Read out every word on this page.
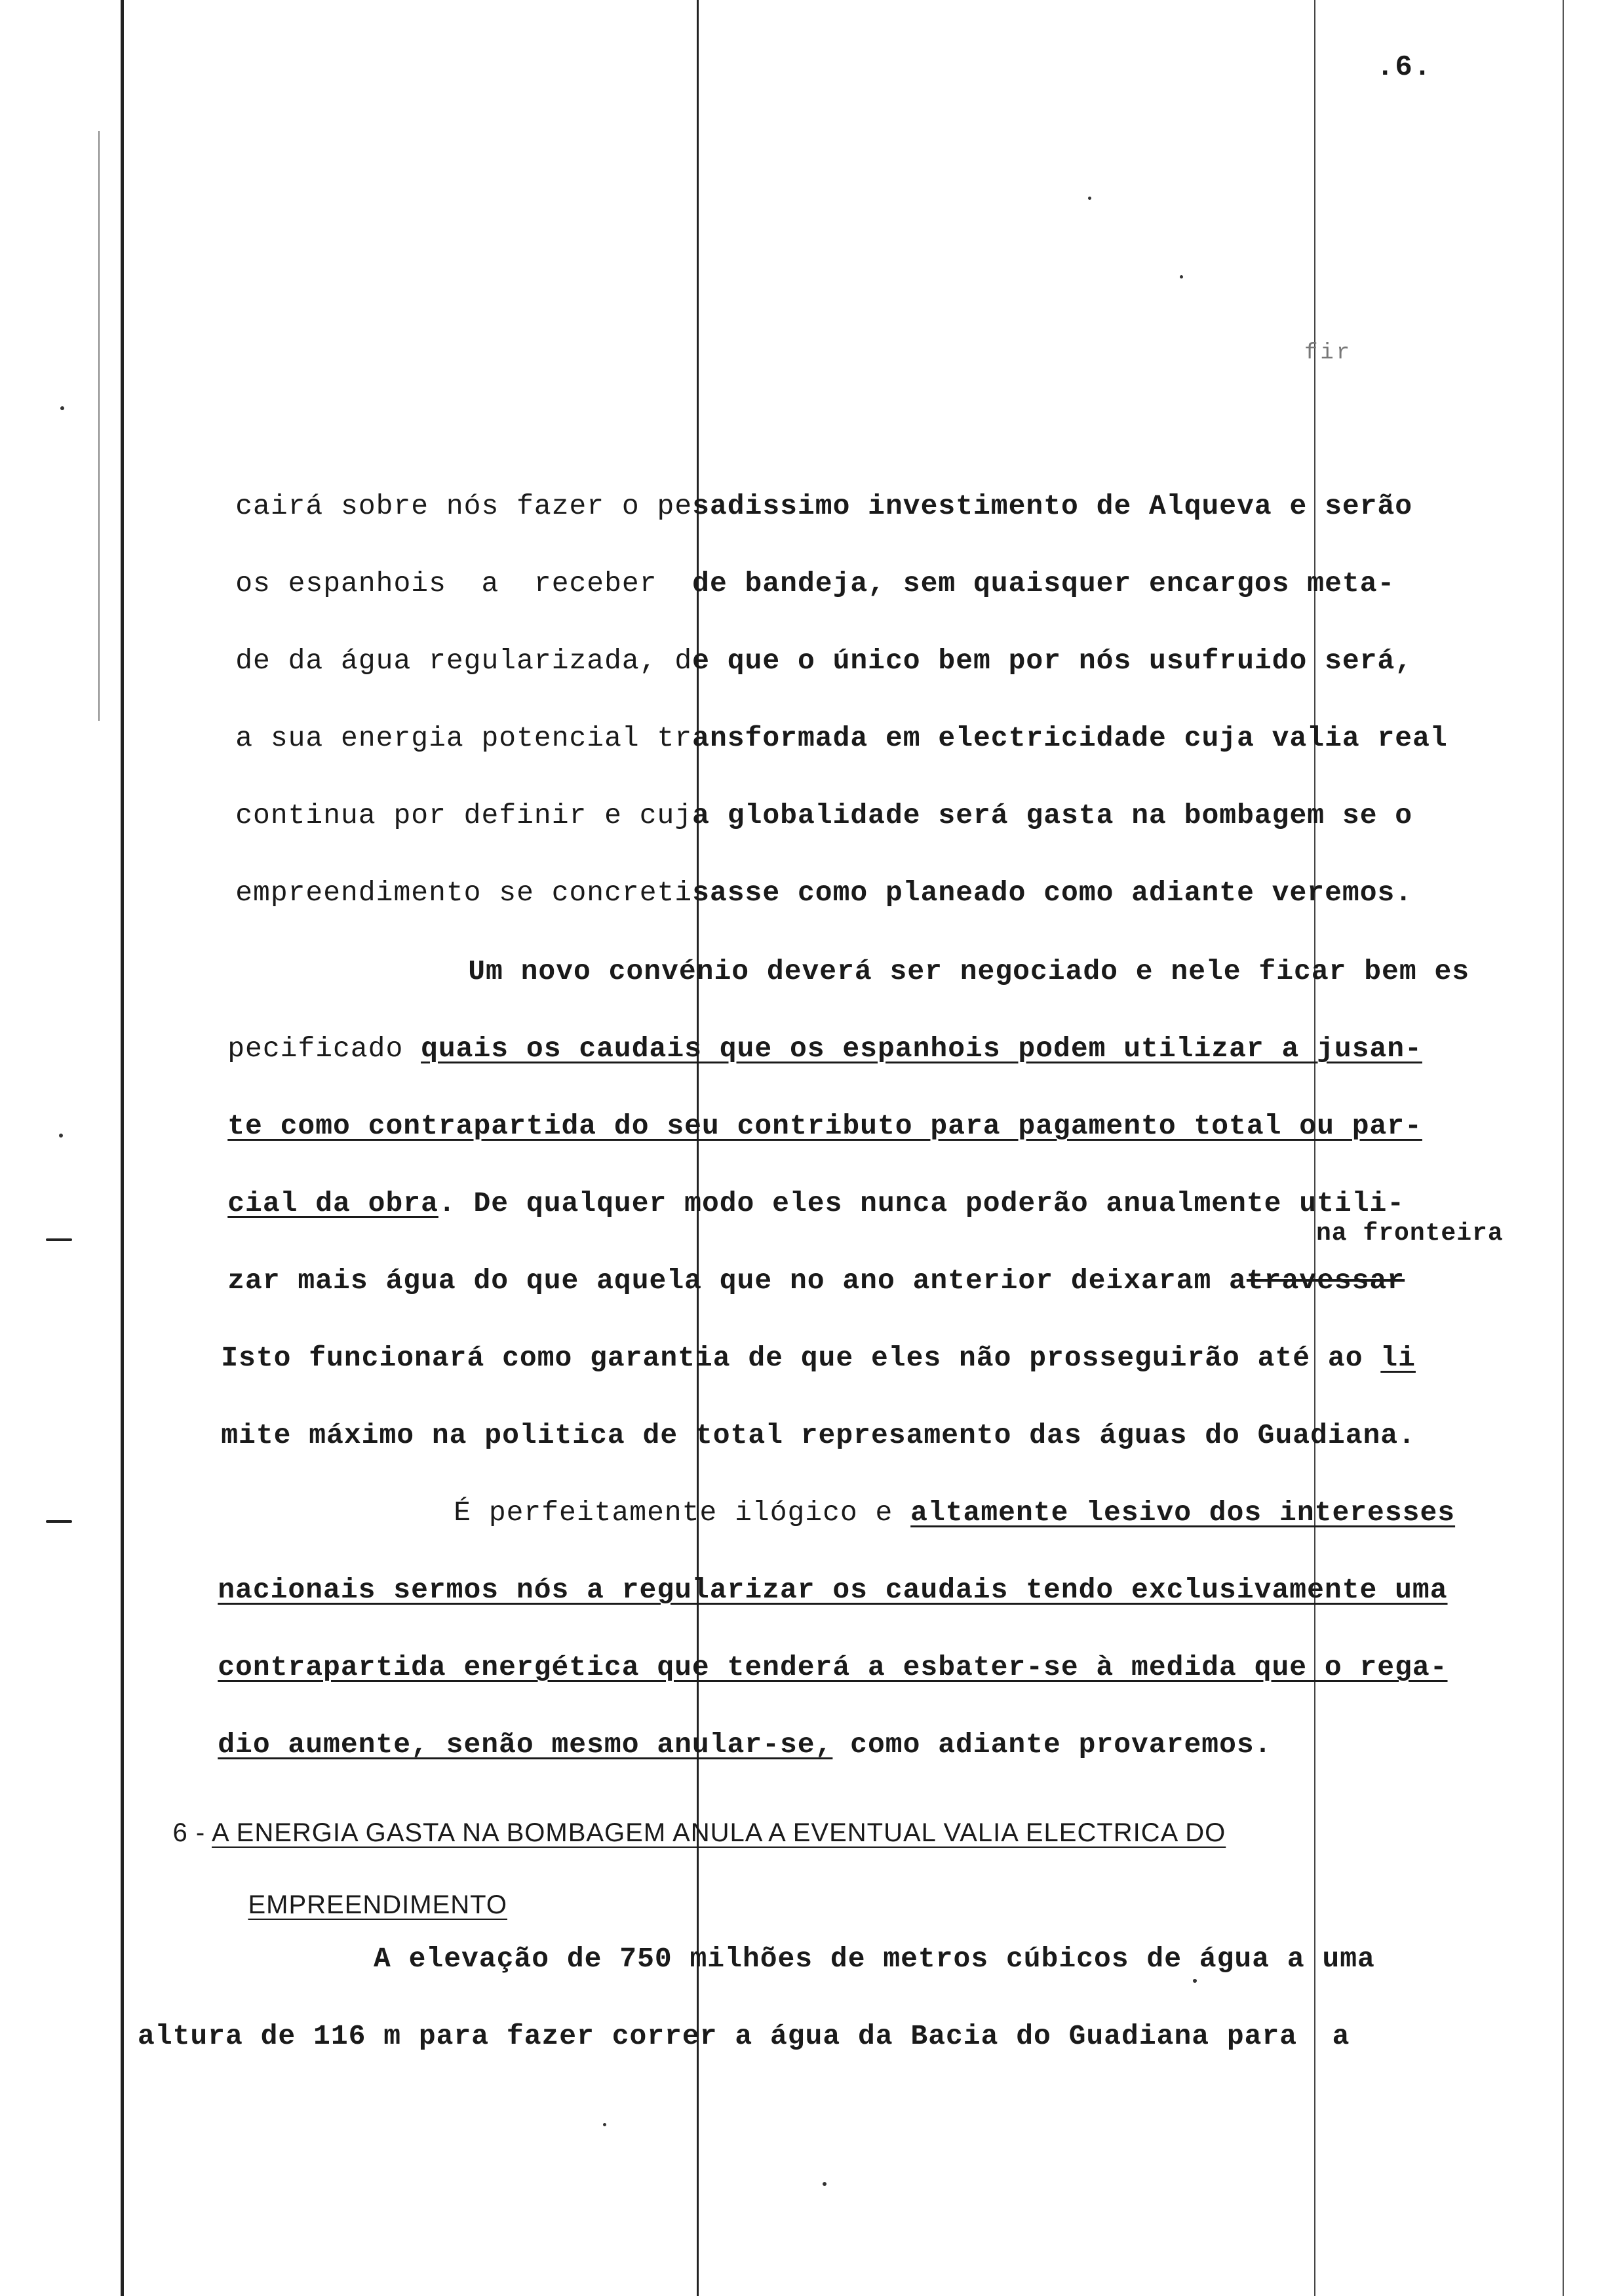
.6.
fir

cairá sobre nós fazer o pesadissimo investimento de Alqueva e serão

os espanhois  a  receber  de bandeja, sem quaisquer encargos meta-

de da água regularizada, de que o único bem por nós usufruido será,

a sua energia potencial transformada em electricidade cuja valia real

continua por definir e cuja globalidade será gasta na bombagem se o

empreendimento se concretisasse como planeado como adiante veremos.

Um novo convénio deverá ser negociado e nele ficar bem es

pecificado quais os caudais que os espanhois podem utilizar a jusan-

te como contrapartida do seu contributo para pagamento total ou par-

cial da obra. De qualquer modo eles nunca poderão anualmente utili-

zar mais água do que aquela que no ano anterior deixaram atravessar

na fronteira

Isto funcionará como garantia de que eles não prosseguirão até ao li

mite máximo na politica de total represamento das águas do Guadiana.

É perfeitamente ilógico e altamente lesivo dos interesses

nacionais sermos nós a regularizar os caudais tendo exclusivamente uma

contrapartida energética que tenderá a esbater-se à medida que o rega-

dio aumente, senão mesmo anular-se, como adiante provaremos.

6 - A ENERGIA GASTA NA BOMBAGEM ANULA A EVENTUAL VALIA ELECTRICA DO

EMPREENDIMENTO

A elevação de 750 milhões de metros cúbicos de água a uma
altura de 116 m para fazer correr a água da Bacia do Guadiana para  a
